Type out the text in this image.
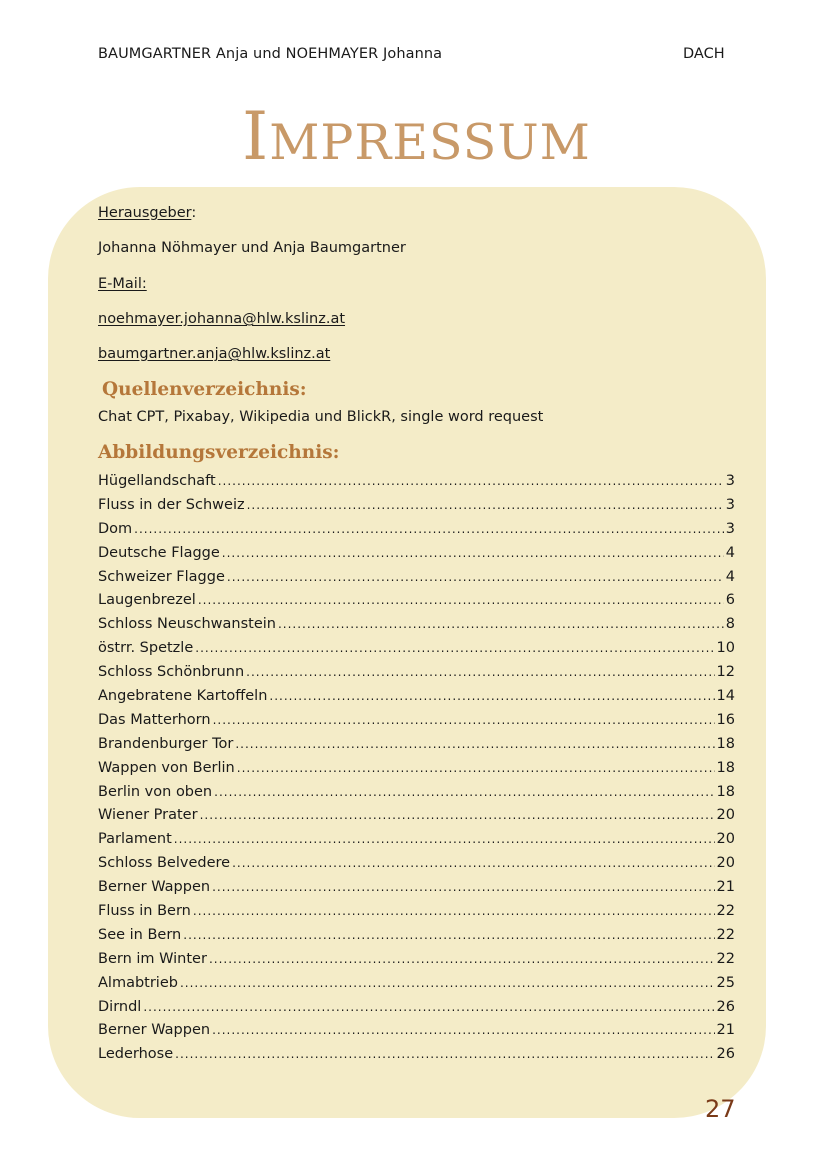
BAUMGARTNER Anja und NOEHMAYER Johanna	DACH
IMPRESSUM
Herausgeber:
Johanna Nöhmayer und Anja Baumgartner
E-Mail:
noehmayer.johanna@hlw.kslinz.at
baumgartner.anja@hlw.kslinz.at
Quellenverzeichnis:
Chat CPT, Pixabay, Wikipedia und BlickR, single word request
Abbildungsverzeichnis:
Hügellandschaft .....	3
Fluss in der Schweiz .....	3
Dom .....	3
Deutsche Flagge .....	4
Schweizer Flagge .....	4
Laugenbrezel .....	6
Schloss Neuschwanstein .....	8
östrr. Spetzle .....	10
Schloss Schönbrunn .....	12
Angebratene Kartoffeln .....	14
Das Matterhorn .....	16
Brandenburger Tor .....	18
Wappen von Berlin .....	18
Berlin von oben .....	18
Wiener Prater .....	20
Parlament .....	20
Schloss Belvedere .....	20
Berner Wappen .....	21
Fluss in Bern .....	22
See in Bern .....	22
Bern im Winter .....	22
Almabtrieb .....	25
Dirndl .....	26
Berner Wappen .....	21
Lederhose .....	26
27
